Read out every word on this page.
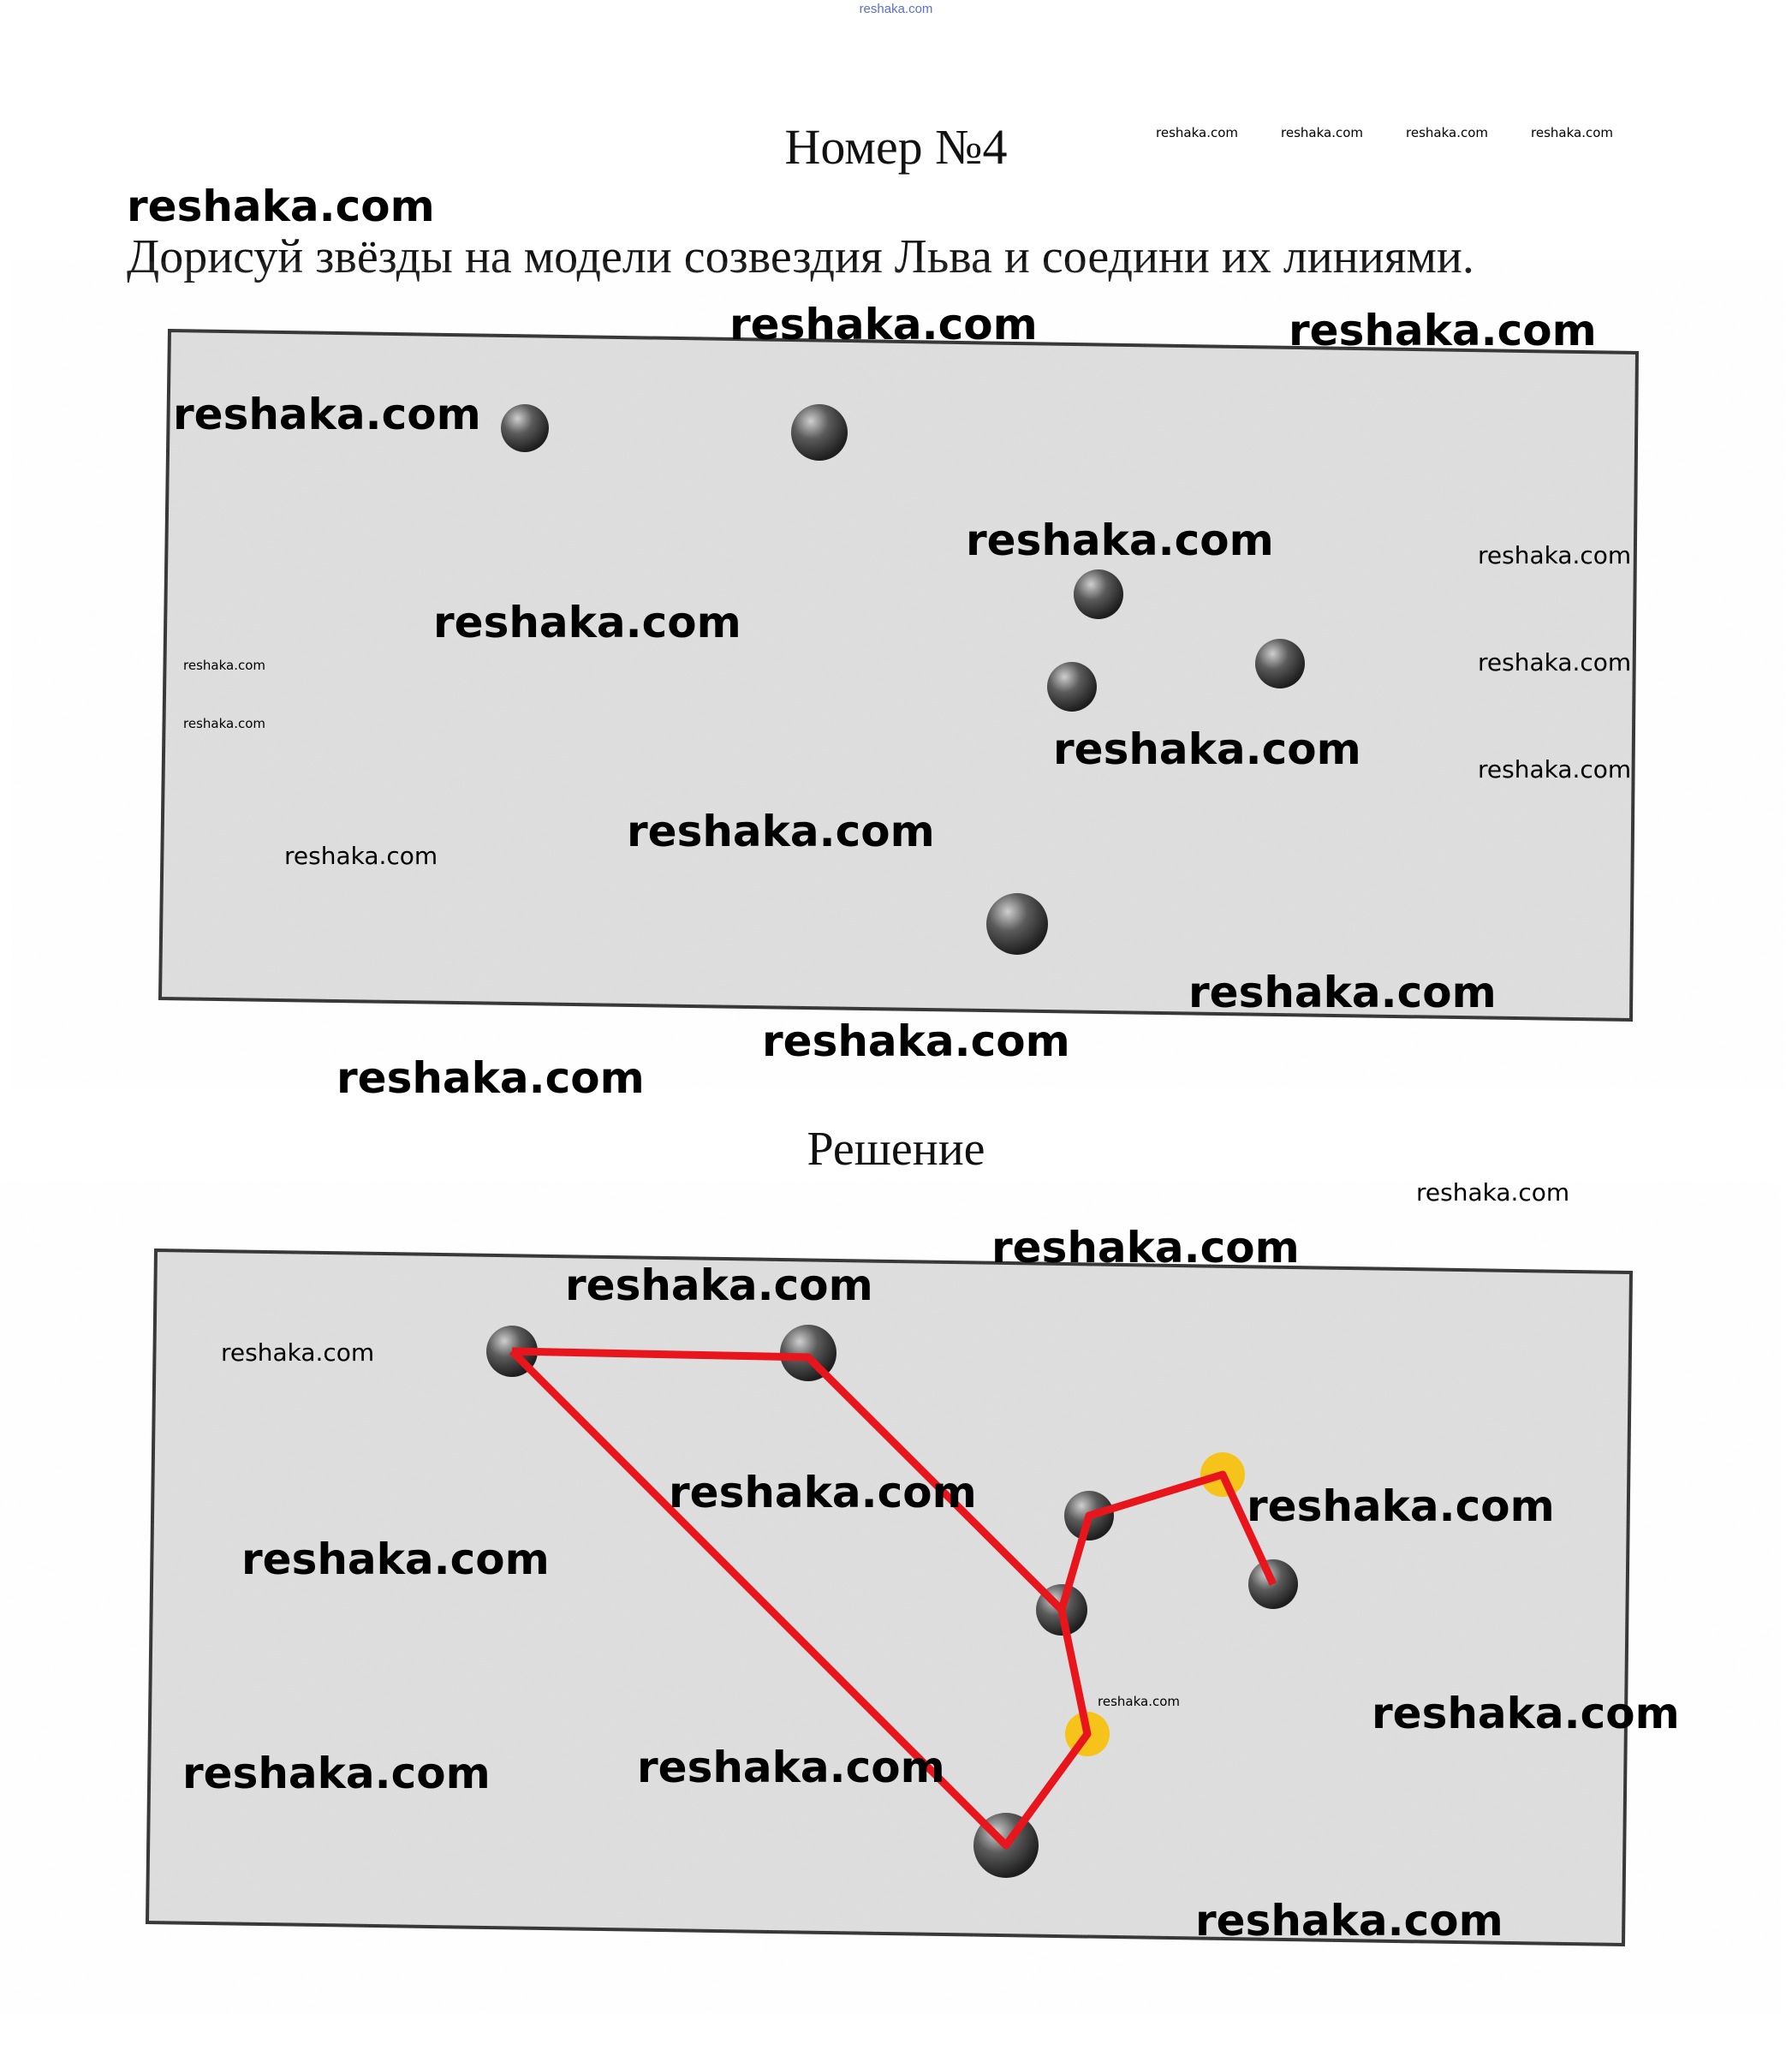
reshaka.com
Номер №4
Дорисуй звёзды на модели созвездия Льва и соедини их линиями.
Решение
reshaka.com
reshaka.com	reshaka.com	reshaka.com	reshaka.com
reshaka.com	reshaka.com
reshaka.com
reshaka.com	reshaka.com
reshaka.com
reshaka.com
reshaka.com
reshaka.com
reshaka.com	reshaka.com
reshaka.com
reshaka.com
reshaka.com
reshaka.com
reshaka.com
reshaka.com
reshaka.com
reshaka.com
reshaka.com
reshaka.com	reshaka.com
reshaka.com
reshaka.com	reshaka.com
reshaka.com
reshaka.com
reshaka.com
